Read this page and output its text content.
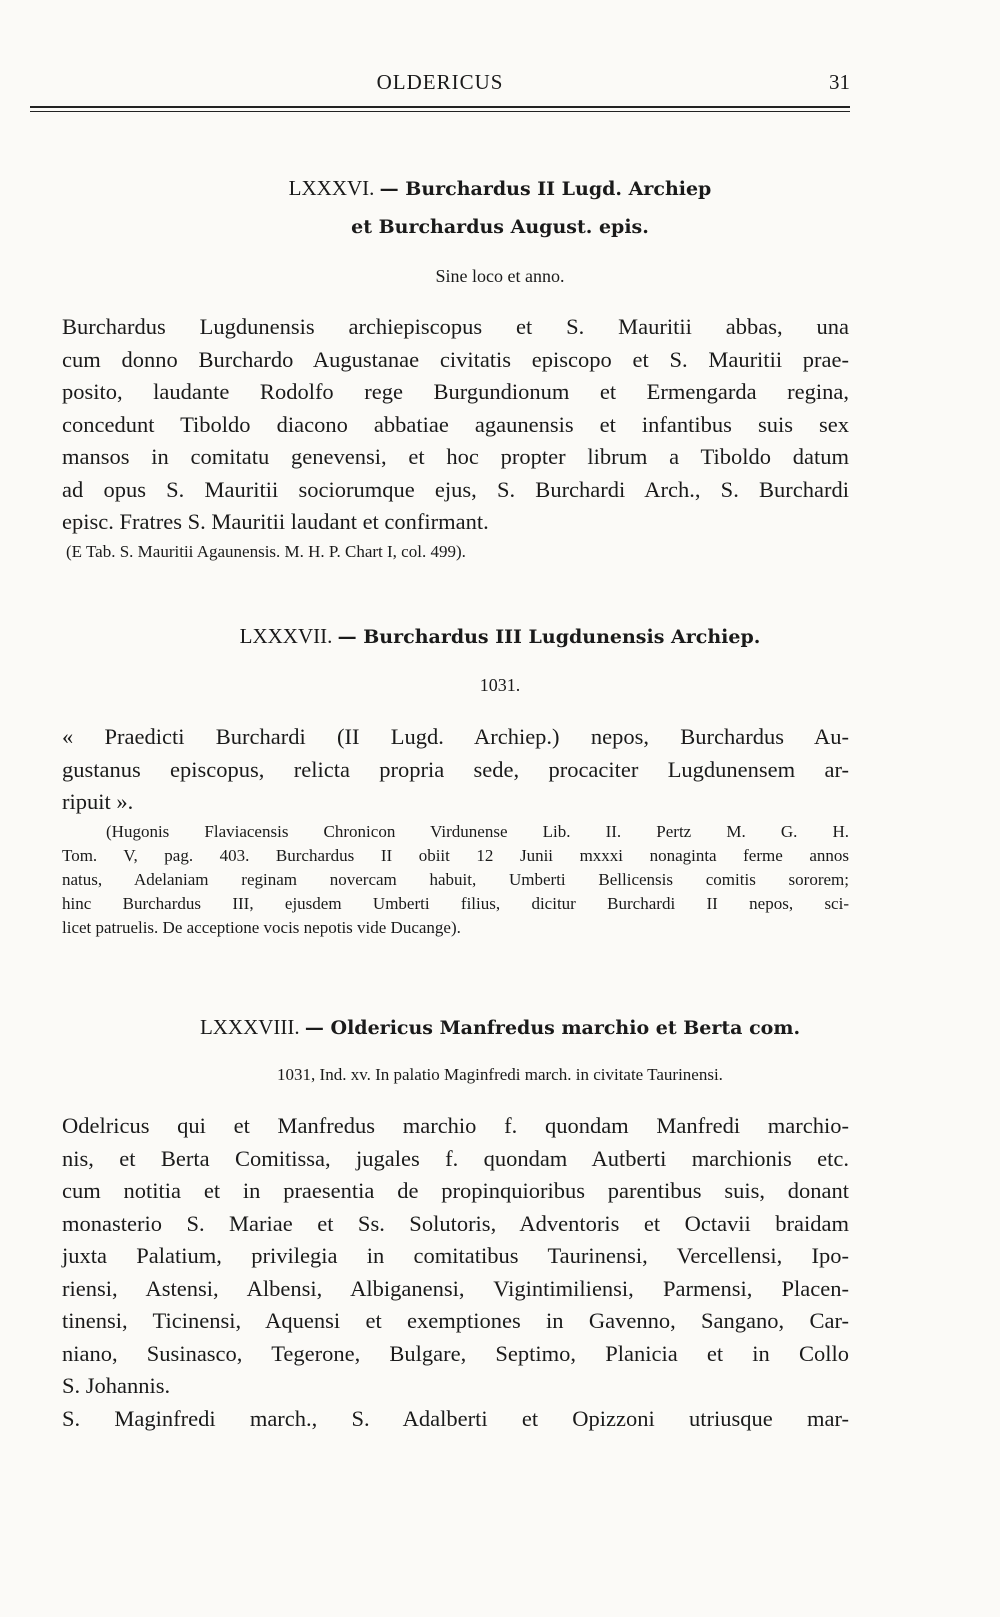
OLDERICUS	31
LXXXVI. — Burchardus II Lugd. Archiep
et Burchardus August. epis.
Sine loco et anno.
Burchardus Lugdunensis archiepiscopus et S. Mauritii abbas, una
cum donno Burchardo Augustanae civitatis episcopo et S. Mauritii prae-
posito, laudante Rodolfo rege Burgundionum et Ermengarda regina,
concedunt Tiboldo diacono abbatiae agaunensis et infantibus suis sex
mansos in comitatu genevensi, et hoc propter librum a Tiboldo datum
ad opus S. Mauritii sociorumque ejus, S. Burchardi Arch., S. Burchardi
episc. Fratres S. Mauritii laudant et confirmant.
(E Tab. S. Mauritii Agaunensis. M. H. P. Chart I, col. 499).
LXXXVII. — Burchardus III Lugdunensis Archiep.
1031.
« Praedicti Burchardi (II Lugd. Archiep.) nepos, Burchardus Au-
gustanus episcopus, relicta propria sede, procaciter Lugdunensem ar-
ripuit ».
(Hugonis Flaviacensis Chronicon Virdunense Lib. II. Pertz M. G. H.
Tom. V, pag. 403. Burchardus II obiit 12 Junii mxxxi nonaginta ferme annos
natus, Adelaniam reginam novercam habuit, Umberti Bellicensis comitis sororem;
hinc Burchardus III, ejusdem Umberti filius, dicitur Burchardi II nepos, sci-
licet patruelis. De acceptione vocis nepotis vide Ducange).
LXXXVIII. — Oldericus Manfredus marchio et Berta com.
1031, Ind. xv. In palatio Maginfredi march. in civitate Taurinensi.
Odelricus qui et Manfredus marchio f. quondam Manfredi marchio-
nis, et Berta Comitissa, jugales f. quondam Autberti marchionis etc.
cum notitia et in praesentia de propinquioribus parentibus suis, donant
monasterio S. Mariae et Ss. Solutoris, Adventoris et Octavii braidam
juxta Palatium, privilegia in comitatibus Taurinensi, Vercellensi, Ipo-
riensi, Astensi, Albensi, Albiganensi, Vigintimiliensi, Parmensi, Placen-
tinensi, Ticinensi, Aquensi et exemptiones in Gavenno, Sangano, Car-
niano, Susinasco, Tegerone, Bulgare, Septimo, Planicia et in Collo
S. Johannis.
S. Maginfredi march., S. Adalberti et Opizzoni utriusque mar-
